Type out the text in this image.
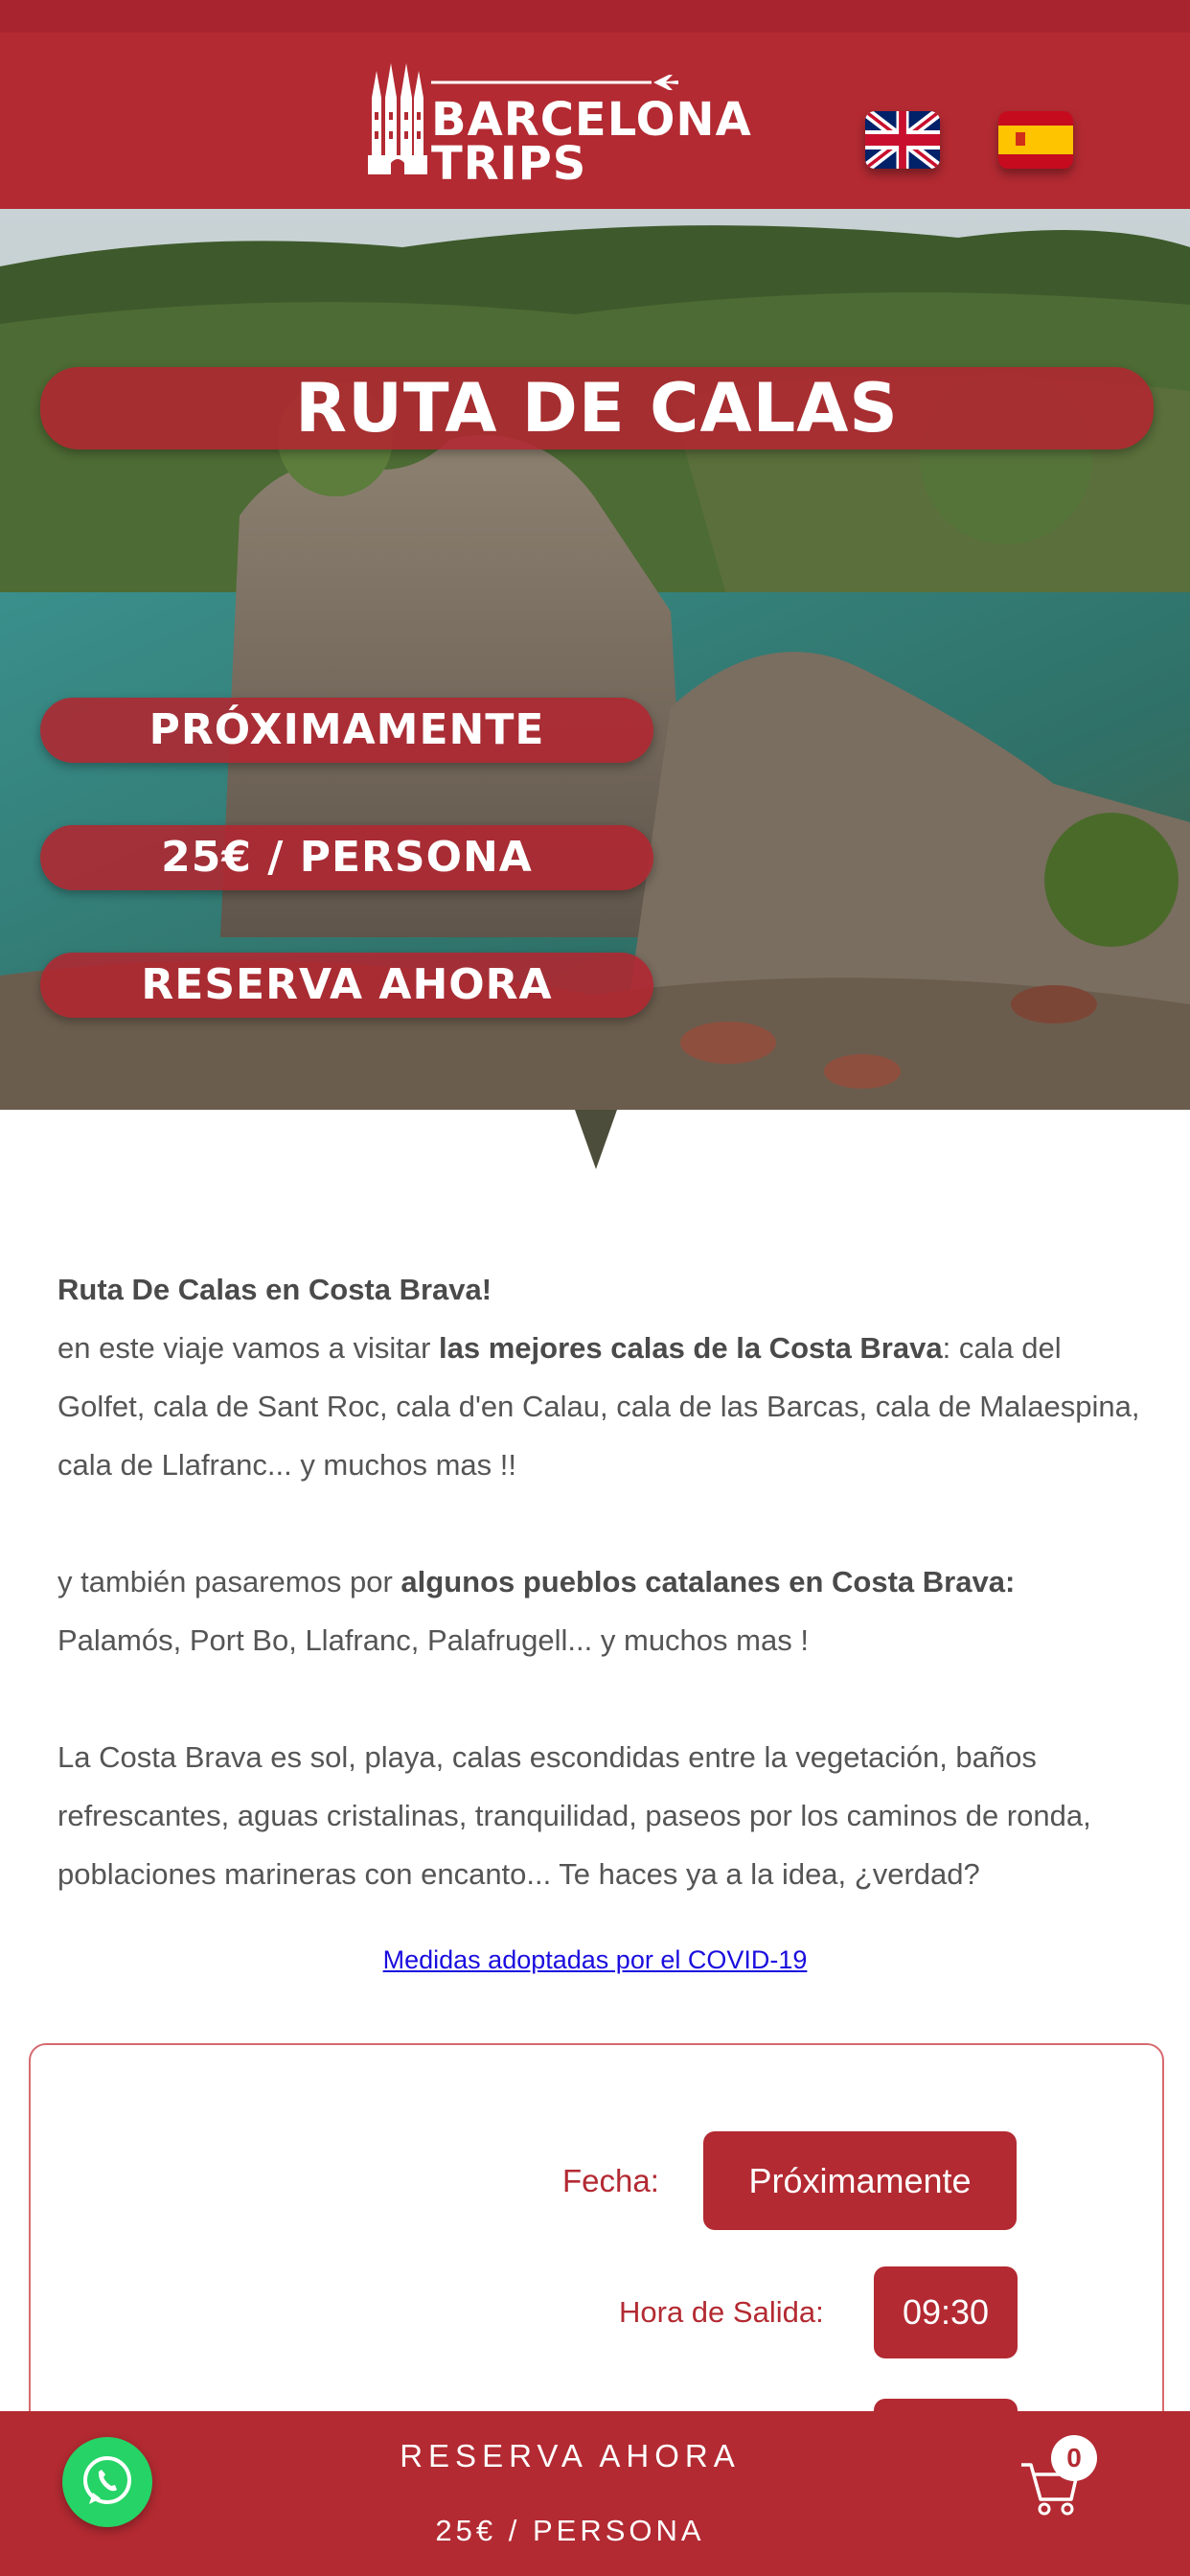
BARCELONA
TRIPS
RUTA DE CALAS
PRÓXIMAMENTE
25€ / PERSONA
RESERVA AHORA

Ruta De Calas en Costa Brava!
en este viaje vamos a visitar las mejores calas de la Costa Brava: cala del Golfet, cala de Sant Roc, cala d'en Calau, cala de las Barcas, cala de Malaespina, cala de Llafranc... y muchos mas !!

y también pasaremos por algunos pueblos catalanes en Costa Brava: Palamós, Port Bo, Llafranc, Palafrugell... y muchos mas !

La Costa Brava es sol, playa, calas escondidas entre la vegetación, baños refrescantes, aguas cristalinas, tranquilidad, paseos por los caminos de ronda, poblaciones marineras con encanto... Te haces ya a la idea, ¿verdad?

Medidas adoptadas por el COVID-19
Fecha:	Próximamente
Hora de Salida:	09:30
RESERVA AHORA
25€ / PERSONA
0
